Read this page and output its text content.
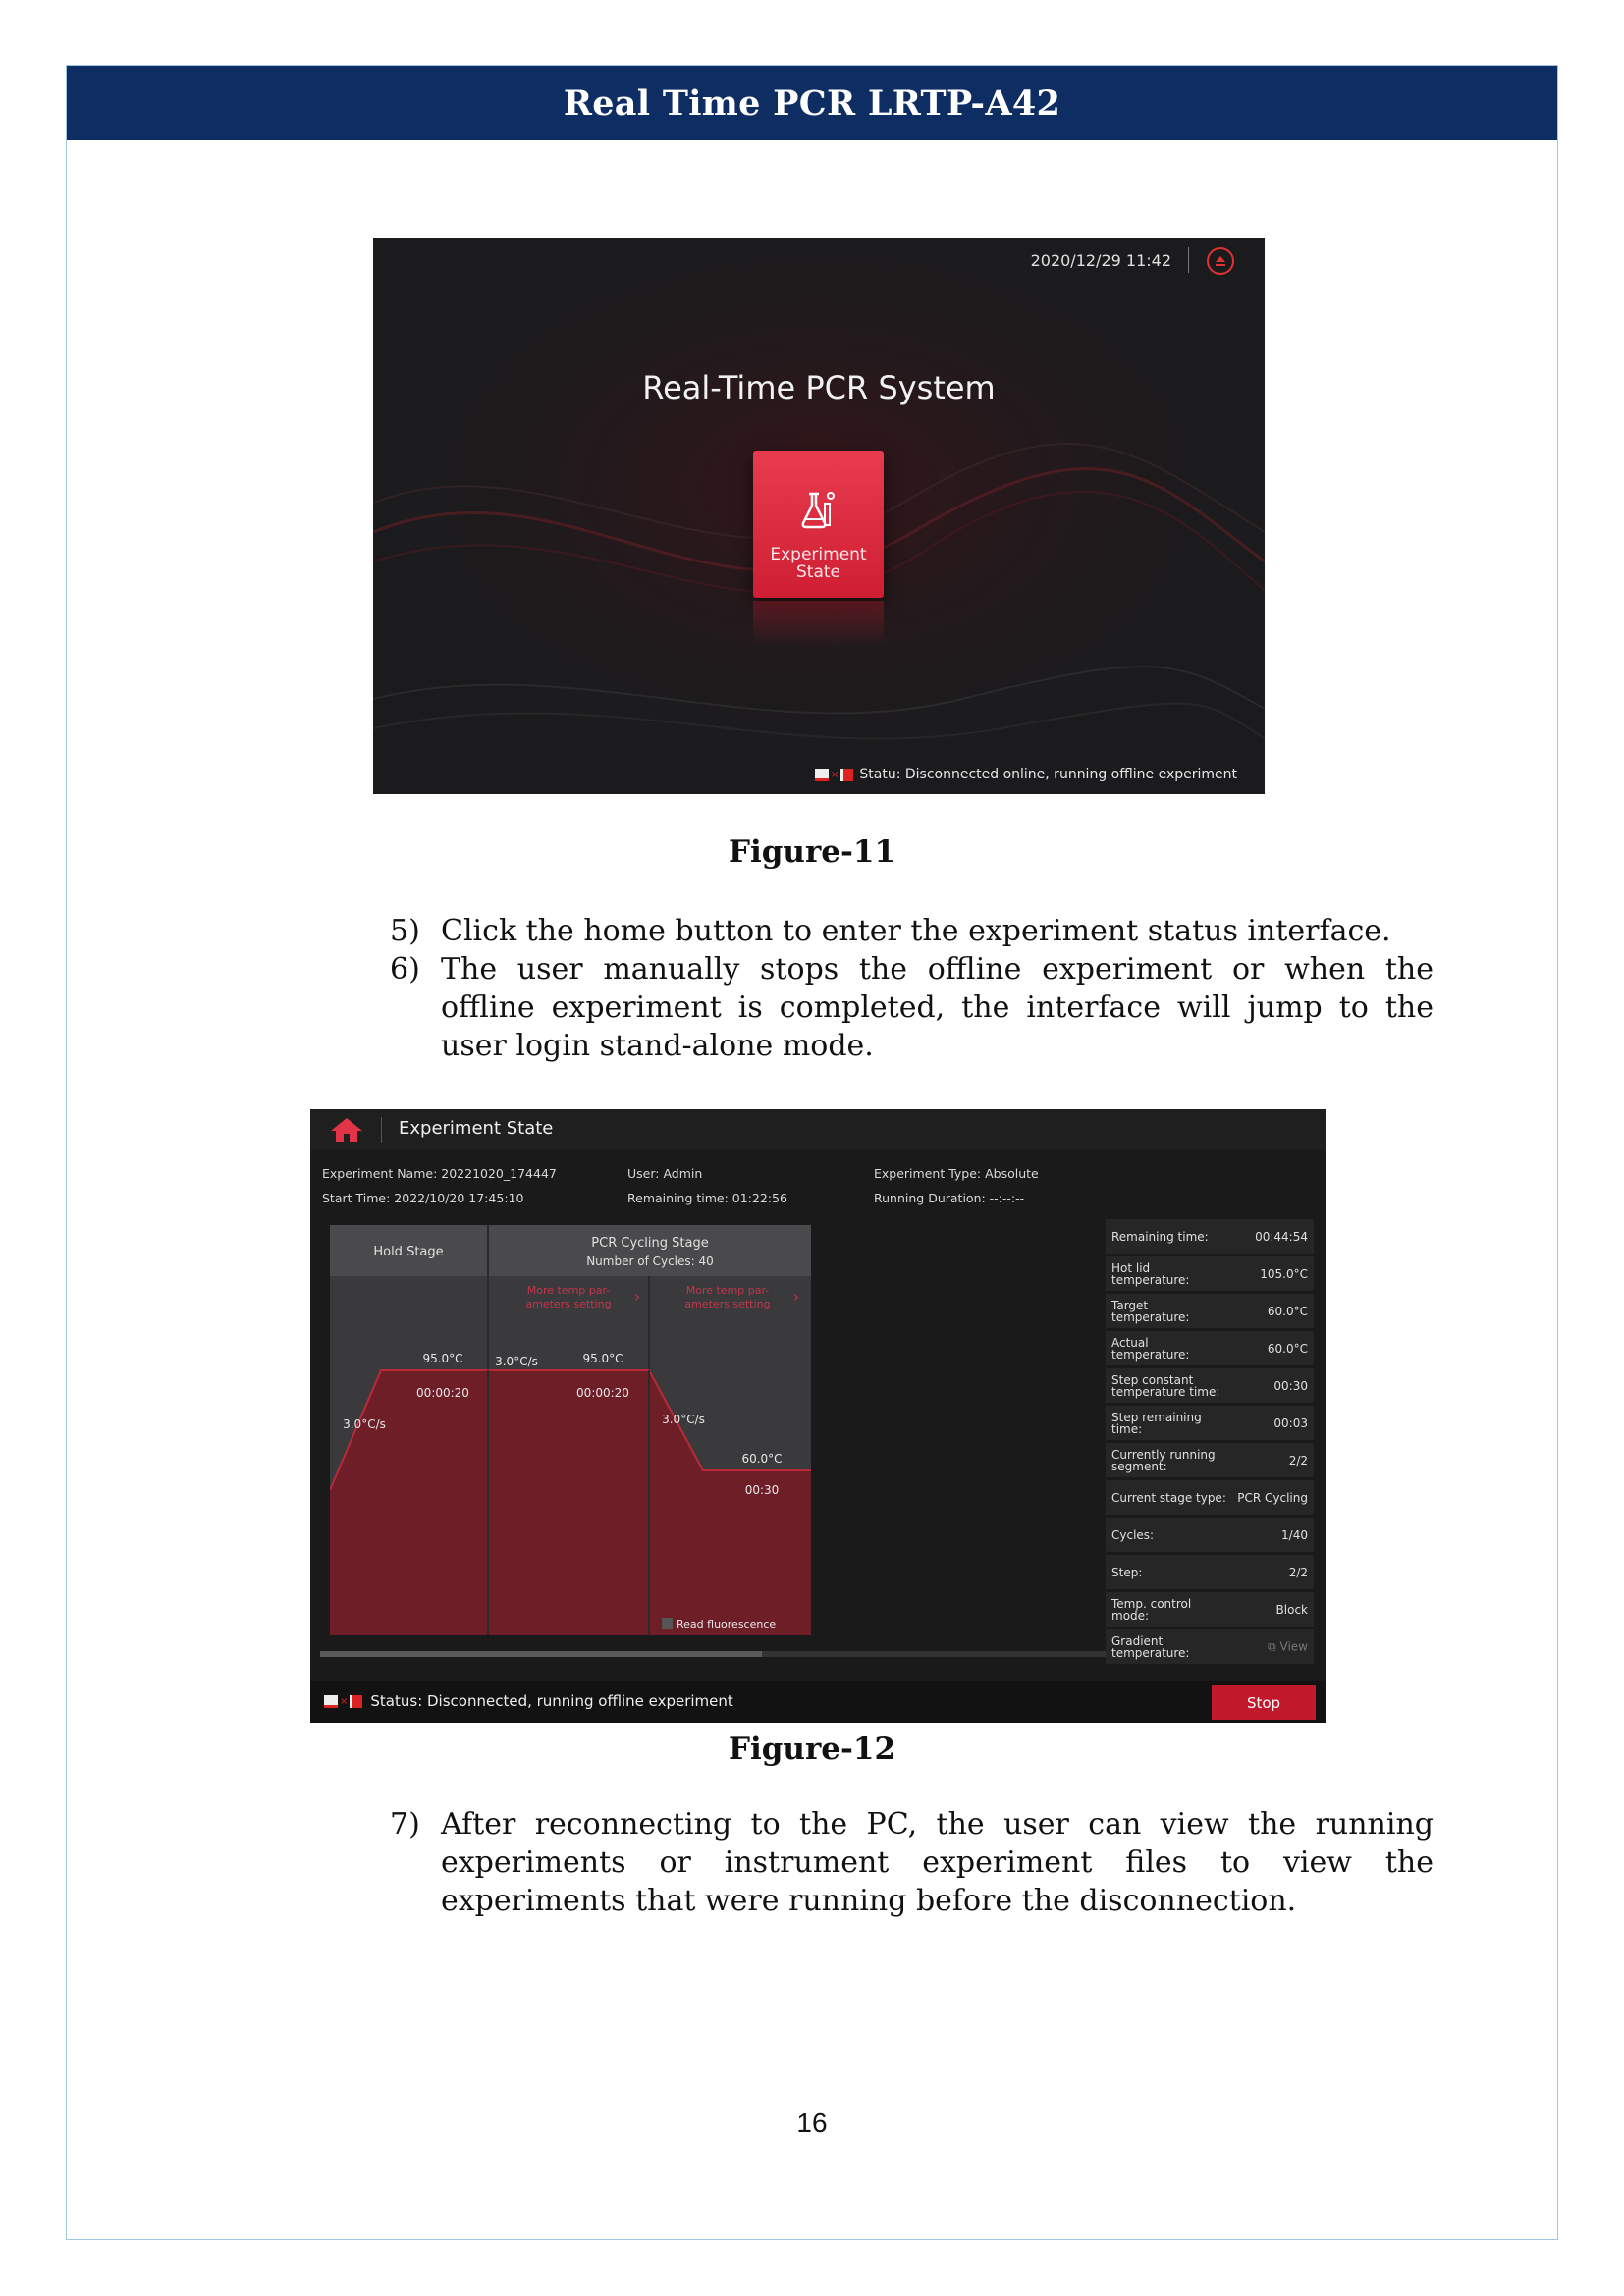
Real Time PCR LRTP-A42
2020/12/29 11:42
Real-Time PCR System
Experiment
State
× Statu: Disconnected online, running offline experiment
Figure-11
5) Click the home button to enter the experiment status interface.
6) The user manually stops the offline experiment or when the offline experiment is completed, the interface will jump to the user login stand-alone mode.
Experiment State
Experiment Name: 20221020_174447
Start Time: 2022/10/20 17:45:10
User: Admin
Remaining time: 01:22:56
Experiment Type: Absolute
Running Duration: --:--:--
Hold Stage
PCR Cycling Stage
Number of Cycles: 40
More temp par-
ameters setting ›	More temp par-
ameters setting ›
95.0°C
00:00:20
3.0°C/s
3.0°C/s	95.0°C
00:00:20
3.0°C/s
60.0°C
00:30
Read fluorescence
Remaining time:	00:44:54
Hot lid temperature:	105.0°C
Target temperature:	60.0°C
Actual temperature:	60.0°C
Step constant temperature time:	00:30
Step remaining time:	00:03
Currently running segment:	2/2
Current stage type: PCR Cycling
Cycles:	1/40
Step:	2/2
Temp. control mode:	Block
Gradient temperature:	⧉ View
× Status: Disconnected, running offline experiment	Stop
Figure-12
7) After reconnecting to the PC, the user can view the running experiments or instrument experiment files to view the experiments that were running before the disconnection.
16
